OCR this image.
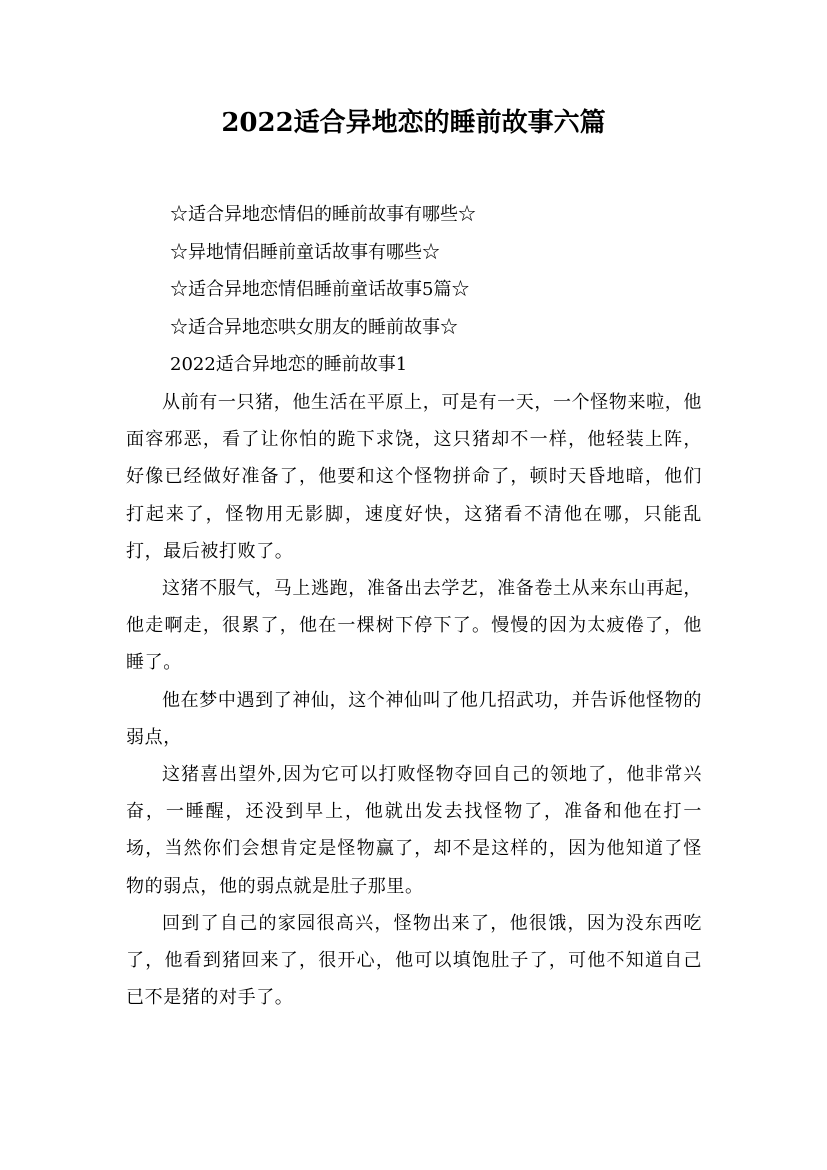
2022适合异地恋的睡前故事六篇
☆适合异地恋情侣的睡前故事有哪些☆
☆异地情侣睡前童话故事有哪些☆
☆适合异地恋情侣睡前童话故事5篇☆
☆适合异地恋哄女朋友的睡前故事☆
2022适合异地恋的睡前故事1

从前有一只猪，他生活在平原上，可是有一天，一个怪物来啦，他面容邪恶，看了让你怕的跪下求饶，这只猪却不一样，他轻装上阵，好像已经做好准备了，他要和这个怪物拼命了，顿时天昏地暗，他们打起来了，怪物用无影脚，速度好快，这猪看不清他在哪，只能乱打，最后被打败了。

这猪不服气，马上逃跑，准备出去学艺，准备卷土从来东山再起，他走啊走，很累了，他在一棵树下停下了。慢慢的因为太疲倦了，他睡了。

他在梦中遇到了神仙，这个神仙叫了他几招武功，并告诉他怪物的弱点，

这猪喜出望外,因为它可以打败怪物夺回自己的领地了，他非常兴奋，一睡醒，还没到早上，他就出发去找怪物了，准备和他在打一场，当然你们会想肯定是怪物赢了，却不是这样的，因为他知道了怪物的弱点，他的弱点就是肚子那里。

回到了自己的家园很高兴，怪物出来了，他很饿，因为没东西吃了，他看到猪回来了，很开心，他可以填饱肚子了，可他不知道自己已不是猪的对手了。
